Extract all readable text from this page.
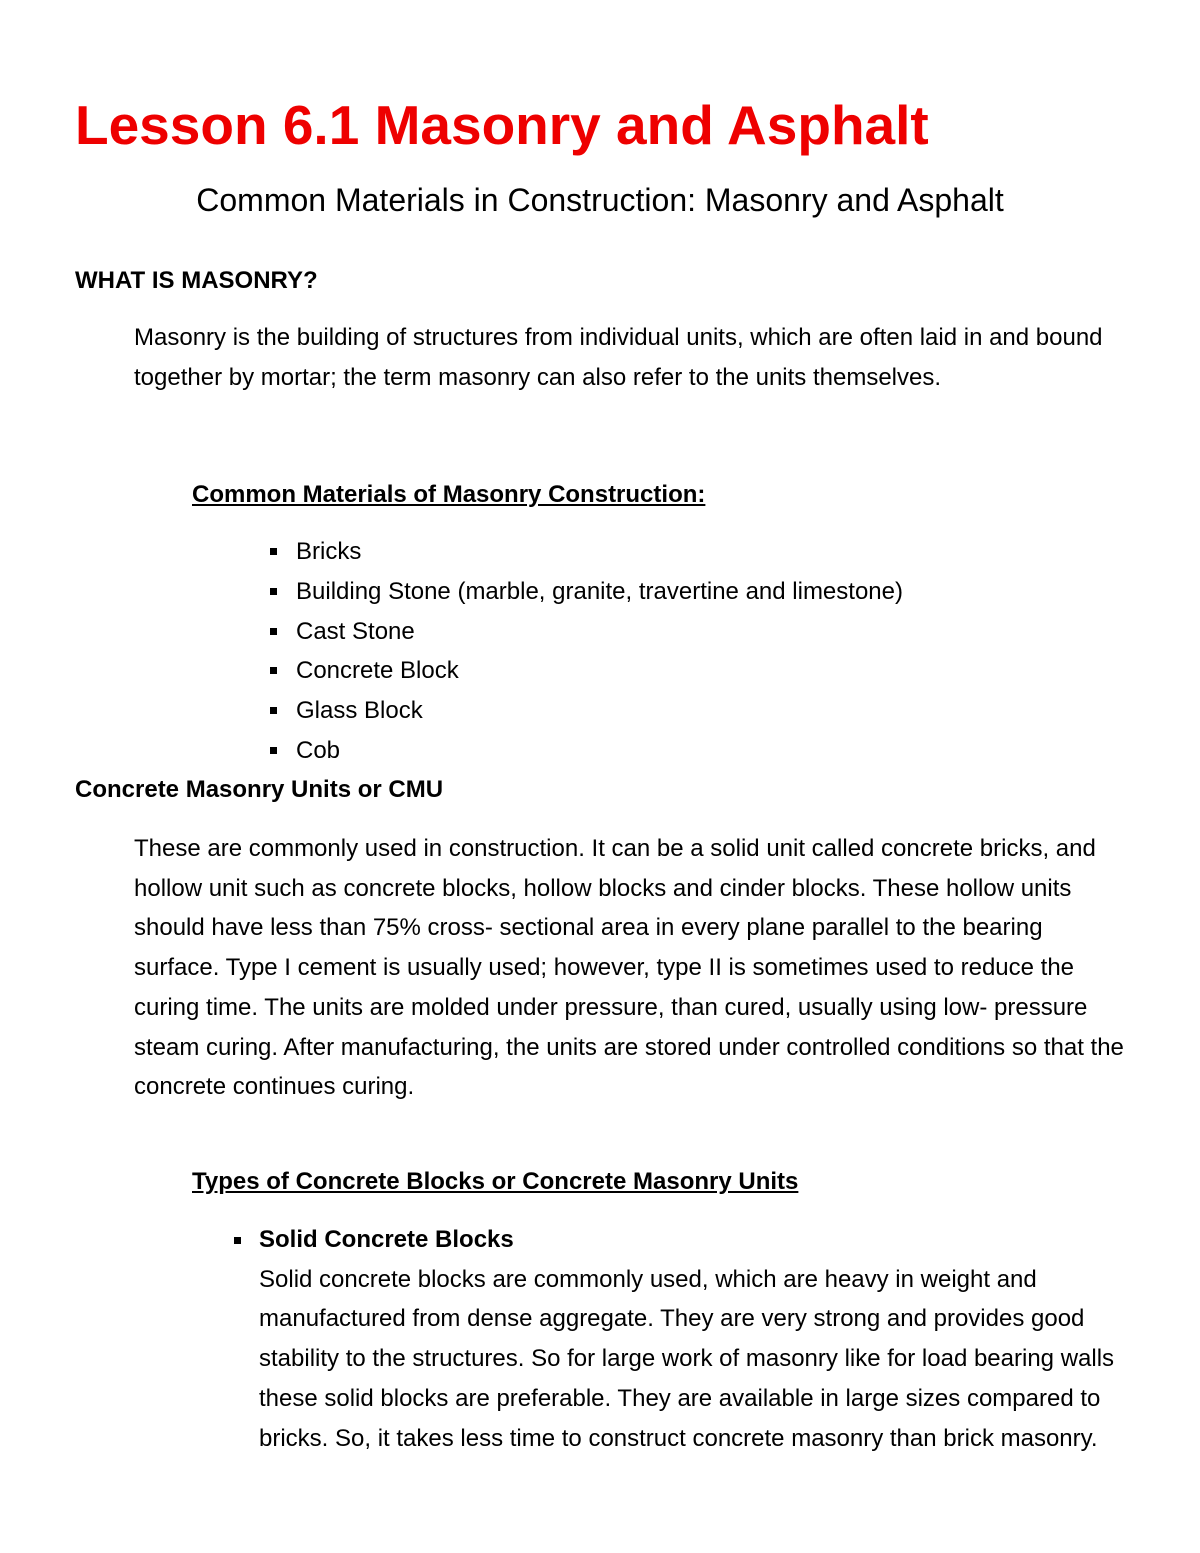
Lesson 6.1 Masonry and Asphalt
Common Materials in Construction: Masonry and Asphalt
WHAT IS MASONRY?

Masonry is the building of structures from individual units, which are often laid in and bound together by mortar; the term masonry can also refer to the units themselves.

Common Materials of Masonry Construction:
Bricks
Building Stone (marble, granite, travertine and limestone)
Cast Stone
Concrete Block
Glass Block
Cob
Concrete Masonry Units or CMU

These are commonly used in construction. It can be a solid unit called concrete bricks, and hollow unit such as concrete blocks, hollow blocks and cinder blocks. These hollow units should have less than 75% cross- sectional area in every plane parallel to the bearing surface. Type I cement is usually used; however, type II is sometimes used to reduce the curing time. The units are molded under pressure, than cured, usually using low- pressure steam curing. After manufacturing, the units are stored under controlled conditions so that the concrete continues curing.

Types of Concrete Blocks or Concrete Masonry Units

Solid Concrete Blocks

Solid concrete blocks are commonly used, which are heavy in weight and manufactured from dense aggregate. They are very strong and provides good stability to the structures. So for large work of masonry like for load bearing walls these solid blocks are preferable. They are available in large sizes compared to bricks. So, it takes less time to construct concrete masonry than brick masonry.
